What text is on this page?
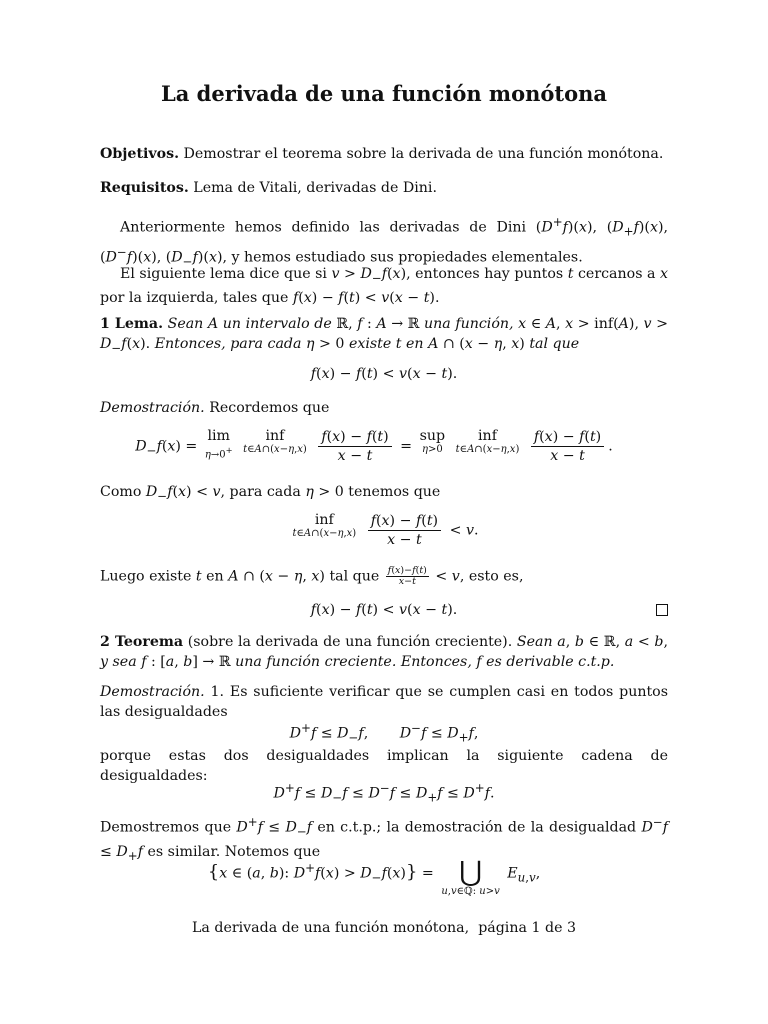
La derivada de una función monótona
Objetivos. Demostrar el teorema sobre la derivada de una función monótona.
Requisitos. Lema de Vitali, derivadas de Dini.
Anteriormente hemos definido las derivadas de Dini (D+f)(x), $(D_+f)(x)$, (D−f)(x), $(D_-f)(x)$, y hemos estudiado sus propiedades elementales.
El siguiente lema dice que si $v > D_-f(x)$, entonces hay puntos t cercanos a x por la izquierda, tales que f(x) − f(t) < v(x − t).
1 Lema. Sean A un intervalo de ℝ, f : A → ℝ una función, x ∈ A, x > inf(A), $v > D_-f(x)$. Entonces, para cada η > 0 existe t en A ∩ (x − η, x) tal que
f(x) − f(t) < v(x − t).
Demostración. Recordemos que
$D_-f(x)$ =
lim
η→0+

inf
t∈A∩(x−η,x)
$\frac{f(x) - f(t)}{x - t}$ =
sup
η>0

inf
t∈A∩(x−η,x)
$\frac{f(x) - f(t)}{x - t}$ .
Como $D_-f(x) < v$, para cada η > 0 tenemos que
inf
t∈A∩(x−η,x)
$\frac{f(x) - f(t)}{x - t} < v$.
Luego existe t en A ∩ (x − η, x) tal que $\frac{f(x)-f(t)}{x-t} < v$, esto es,
f(x) − f(t) < v(x − t).
2 Teorema (sobre la derivada de una función creciente). Sean a, b ∈ ℝ, a < b, y sea f : [a, b] → ℝ una función creciente. Entonces, f es derivable c.t.p.
Demostración. 1. Es suficiente verificar que se cumplen casi en todos puntos las desigualdades
$D^+f \le D_-f$,       $D^-f \le D_+f$,
porque estas dos desigualdades implican la siguiente cadena de desigualdades:
$D^+f \le D_-f \le D^-f \le D_+f \le D^+f$.
Demostremos que $D^+f \le D_-f$ en c.t.p.; la demostración de la desigualdad $D^-f \le D_+f$ es similar. Notemos que
{x ∈ (a, b): $D^+f(x) > D_-f(x)$} = ⋃
u,v∈ℚ: u>v
$E_{u,v}$,
La derivada de una función monótona, página 1 de 3
